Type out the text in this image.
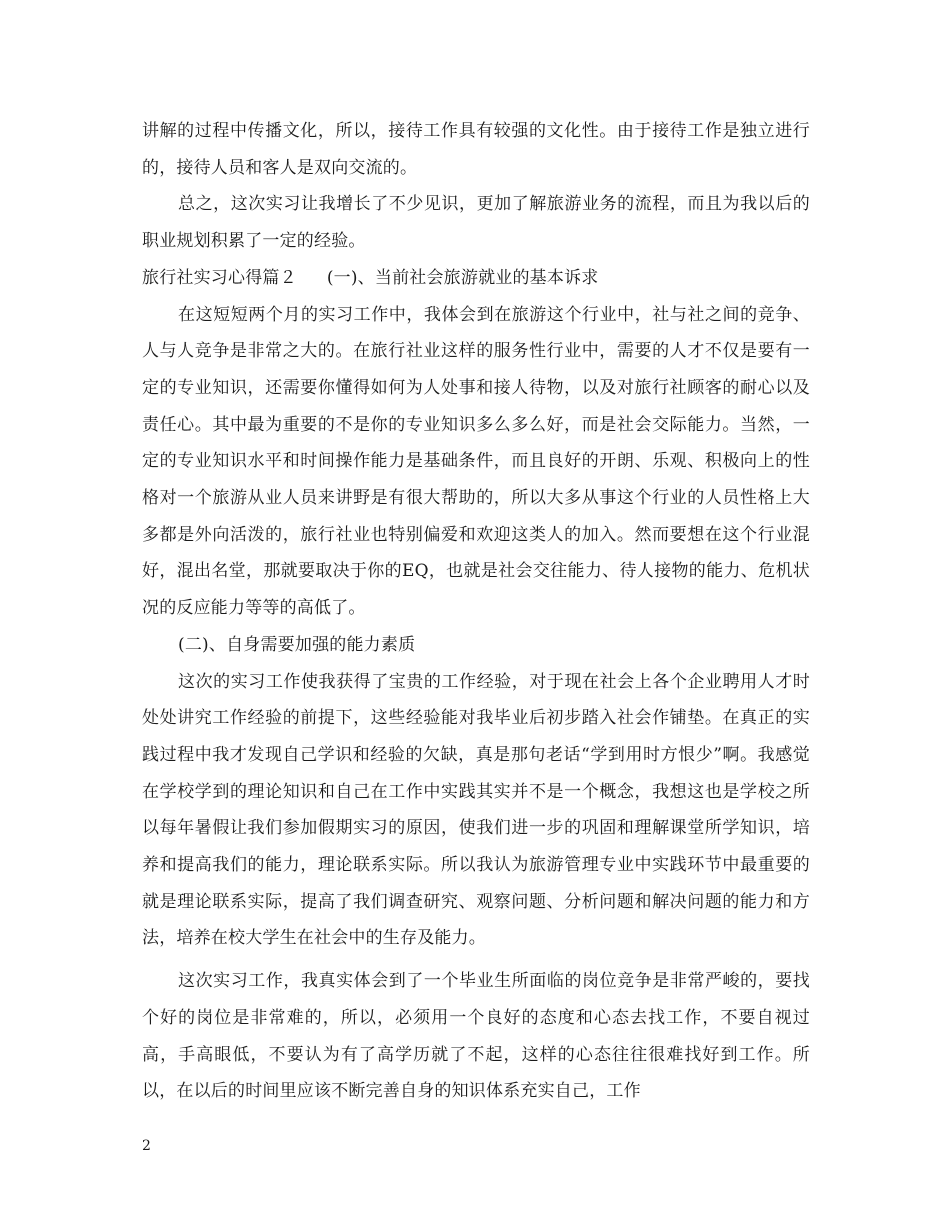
讲解的过程中传播文化，所以，接待工作具有较强的文化性。由于接待工作是独立进行的，接待人员和客人是双向交流的。

总之，这次实习让我增长了不少见识，更加了解旅游业务的流程，而且为我以后的职业规划积累了一定的经验。

旅行社实习心得篇２ (一)、当前社会旅游就业的基本诉求

在这短短两个月的实习工作中，我体会到在旅游这个行业中，社与社之间的竞争、人与人竞争是非常之大的。在旅行社业这样的服务性行业中，需要的人才不仅是要有一定的专业知识，还需要你懂得如何为人处事和接人待物，以及对旅行社顾客的耐心以及责任心。其中最为重要的不是你的专业知识多么多么好，而是社会交际能力。当然，一定的专业知识水平和时间操作能力是基础条件，而且良好的开朗、乐观、积极向上的性格对一个旅游从业人员来讲野是有很大帮助的，所以大多从事这个行业的人员性格上大多都是外向活泼的，旅行社业也特别偏爱和欢迎这类人的加入。然而要想在这个行业混好，混出名堂，那就要取决于你的EQ，也就是社会交往能力、待人接物的能力、危机状况的反应能力等等的高低了。

(二)、自身需要加强的能力素质

这次的实习工作使我获得了宝贵的工作经验，对于现在社会上各个企业聘用人才时处处讲究工作经验的前提下，这些经验能对我毕业后初步踏入社会作铺垫。在真正的实践过程中我才发现自己学识和经验的欠缺，真是那句老话“学到用时方恨少”啊。我感觉在学校学到的理论知识和自己在工作中实践其实并不是一个概念，我想这也是学校之所以每年暑假让我们参加假期实习的原因，使我们进一步的巩固和理解课堂所学知识，培养和提高我们的能力，理论联系实际。所以我认为旅游管理专业中实践环节中最重要的就是理论联系实际，提高了我们调查研究、观察问题、分析问题和解决问题的能力和方法，培养在校大学生在社会中的生存及能力。

这次实习工作，我真实体会到了一个毕业生所面临的岗位竞争是非常严峻的，要找个好的岗位是非常难的，所以，必须用一个良好的态度和心态去找工作，不要自视过高，手高眼低，不要认为有了高学历就了不起，这样的心态往往很难找好到工作。所以，在以后的时间里应该不断完善自身的知识体系充实自己，工作

2
